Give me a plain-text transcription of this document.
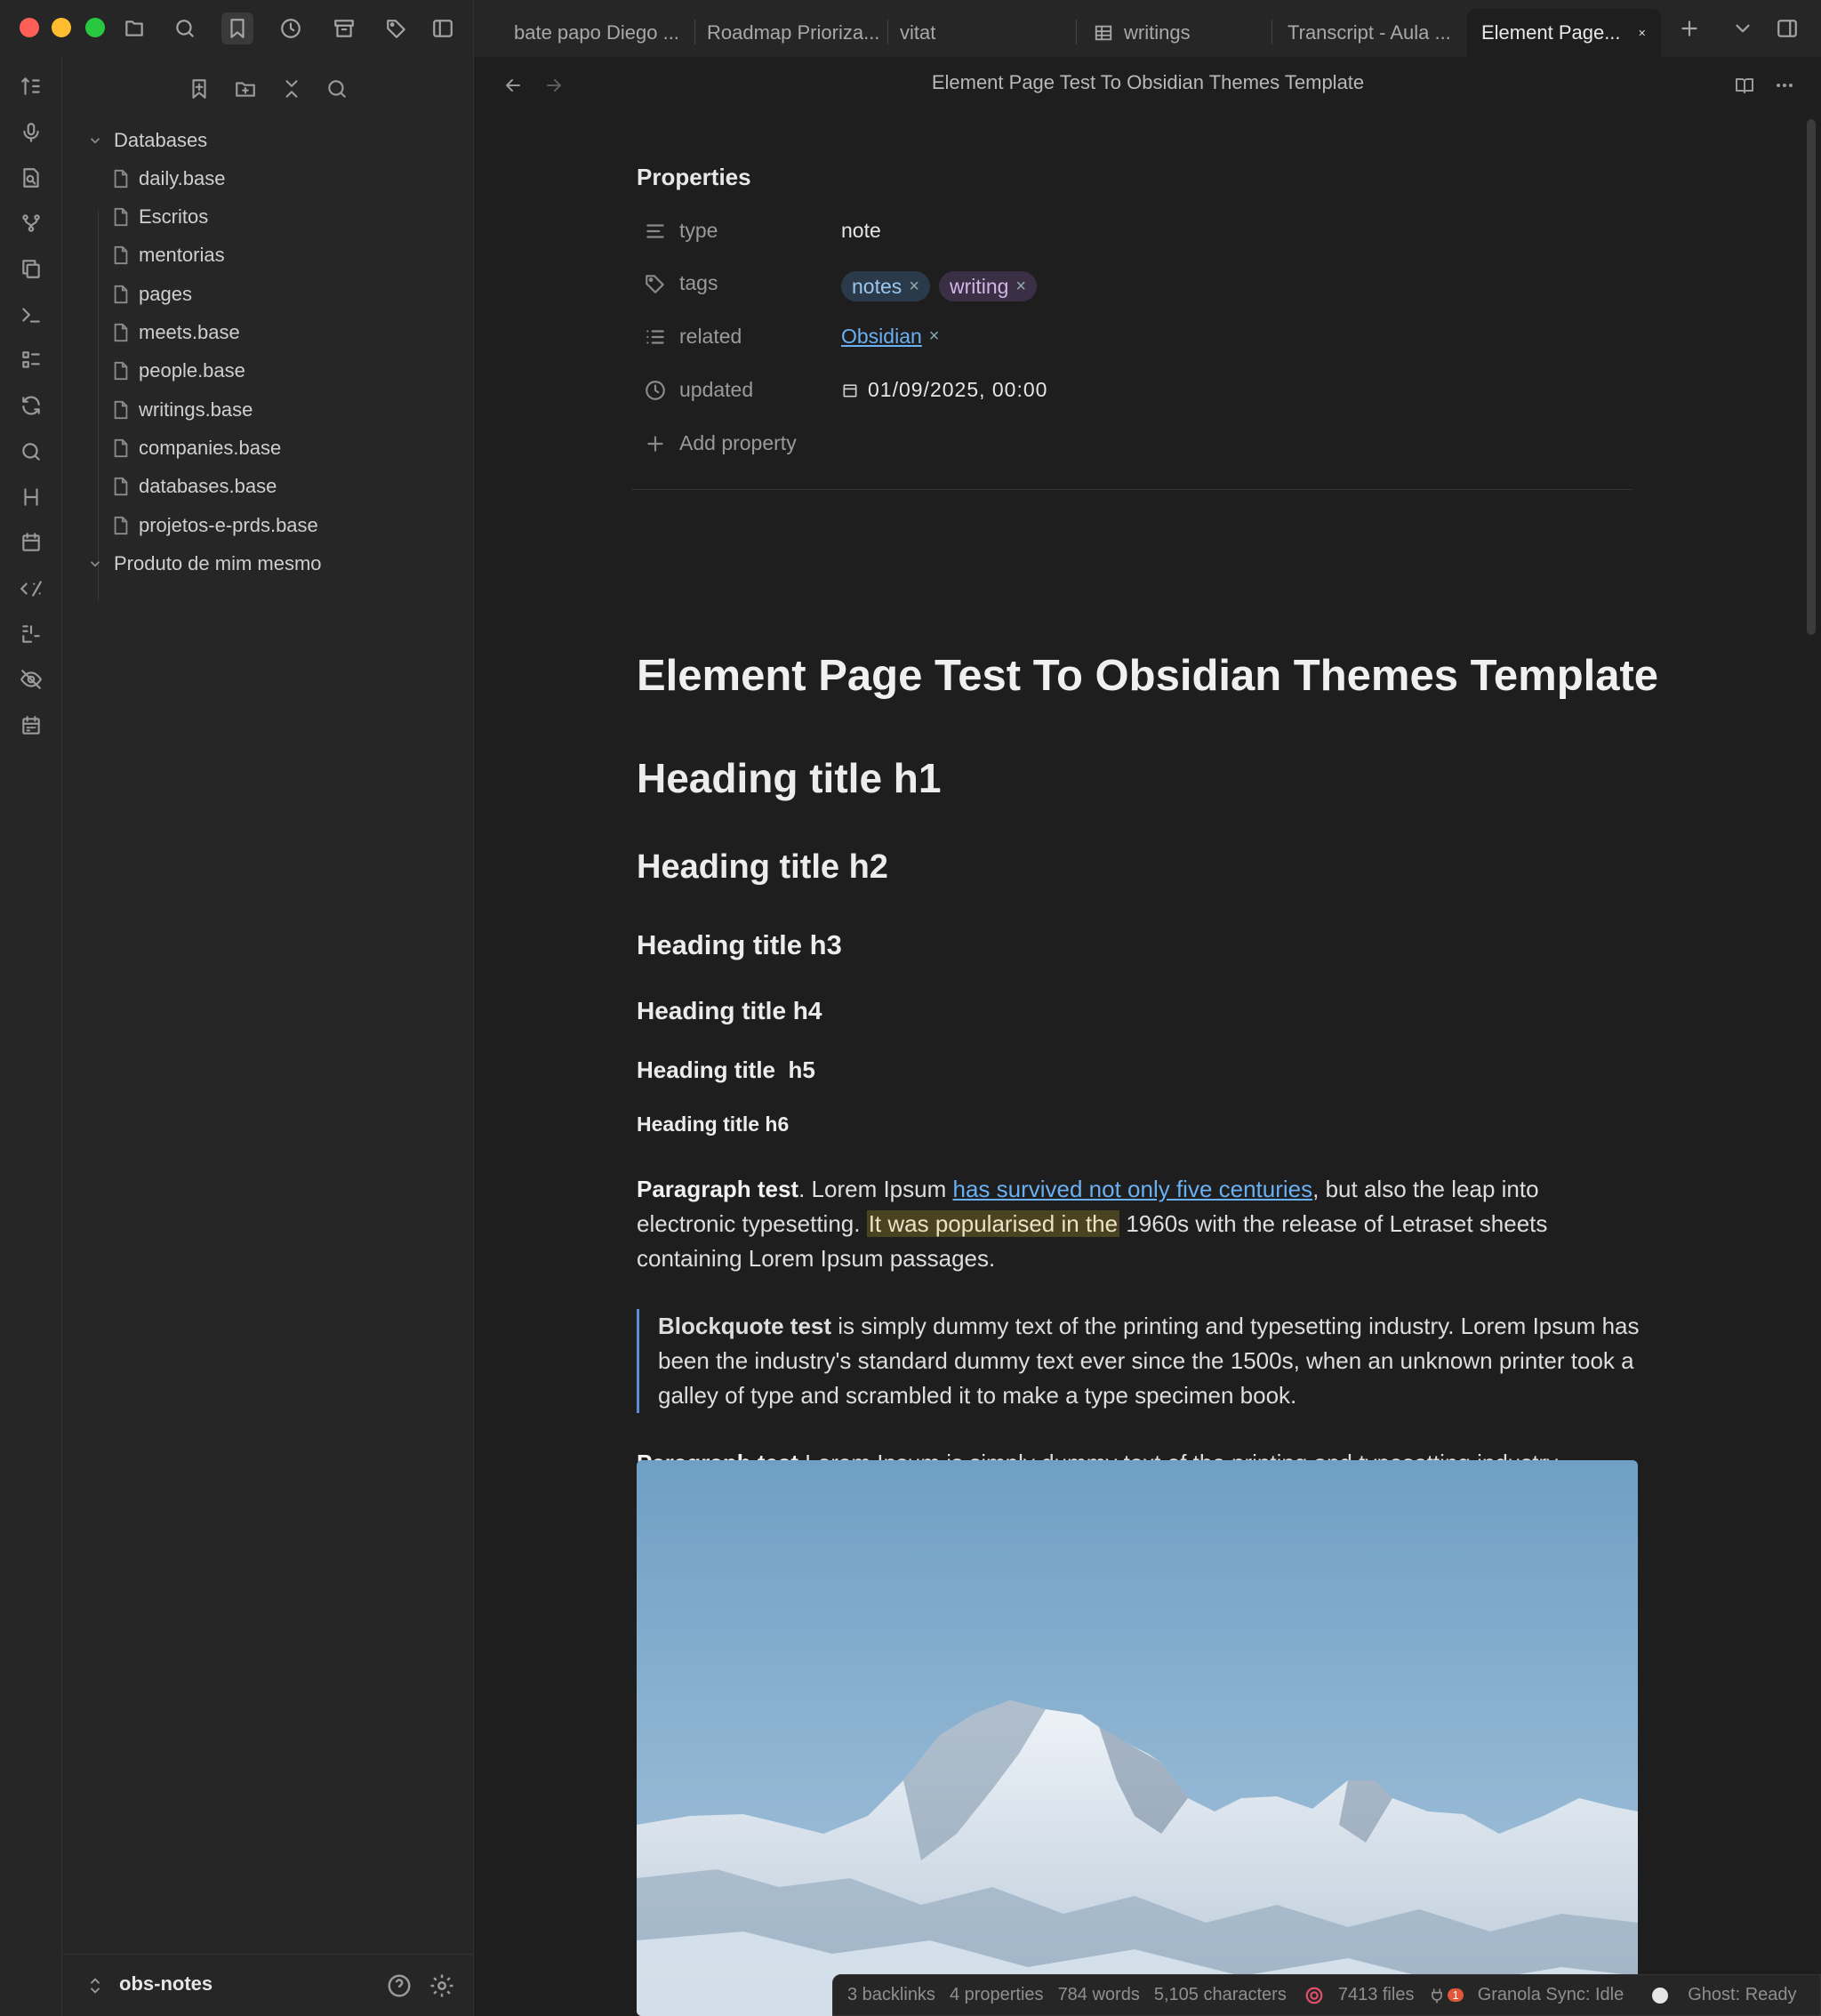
bate papo Diego ... Roadmap Prioriza... vitat	writings	Transcript - Aula ... Element Page...
Databases
daily.base
Escritos
mentorias
pages
meets.base
people.base
writings.base
companies.base
databases.base
projetos-e-prds.base
Produto de mim mesmo
obs-notes
Element Page Test To Obsidian Themes Template
Properties
type	note
tags	notes × writing ×
related	Obsidian ×
updated	01/09/2025, 00:00
Add property
Element Page Test To Obsidian Themes Template
Heading title h1
Heading title h2
Heading title h3
Heading title h4
Heading title  h5
Heading title h6
Paragraph test. Lorem Ipsum has survived not only five centuries, but also the leap into electronic typesetting. It was popularised in the 1960s with the release of Letraset sheets containing Lorem Ipsum passages.
Blockquote test is simply dummy text of the printing and typesetting industry. Lorem Ipsum has been the industry's standard dummy text ever since the 1500s, when an unknown printer took a galley of type and scrambled it to make a type specimen book.
3 backlinks 4 properties 784 words 5,105 characters	7413 files	1 Granola Sync: Idle	Ghost: Ready
